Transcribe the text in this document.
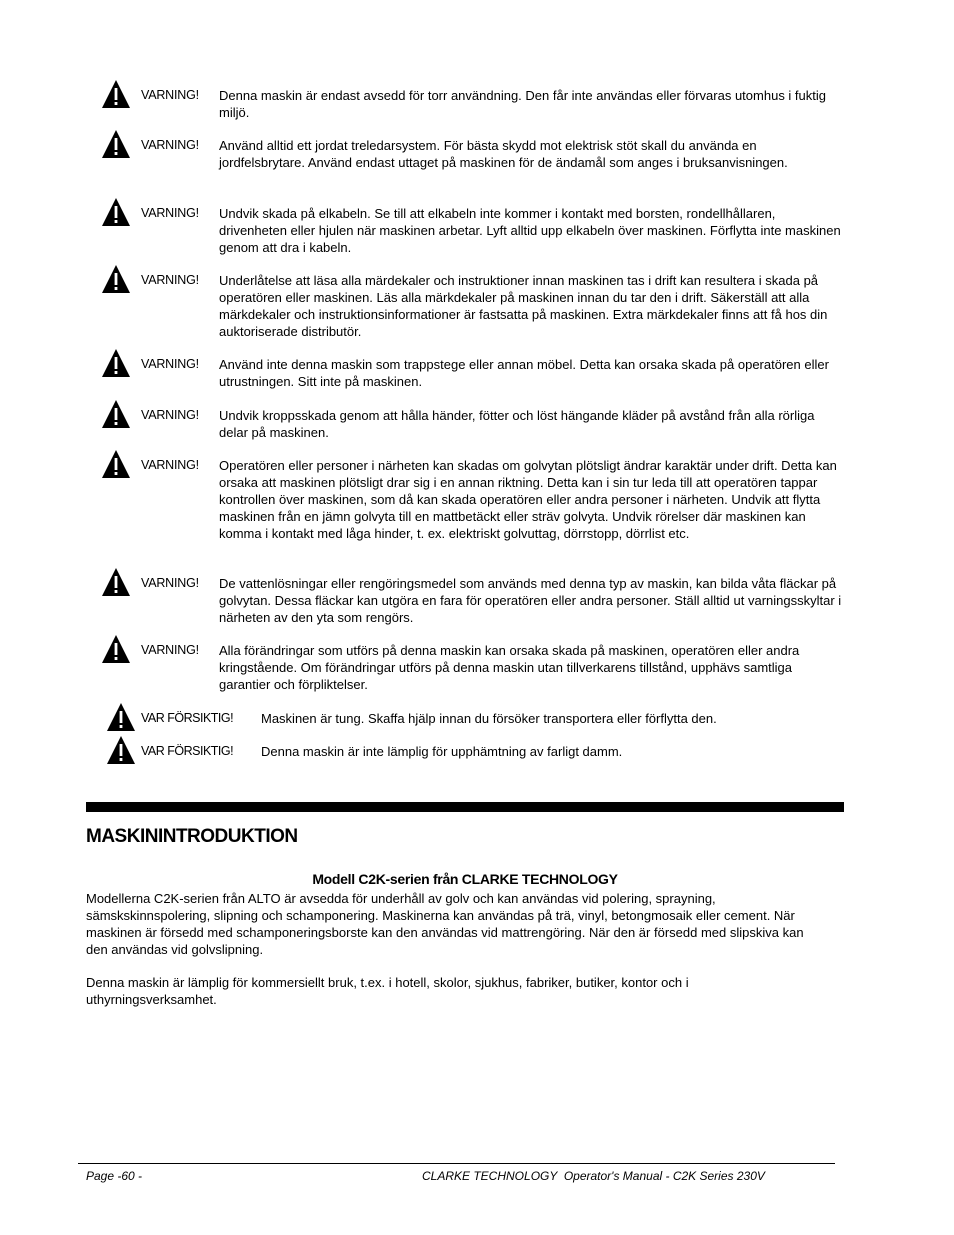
VARNING! Denna maskin är endast avsedd för torr användning. Den får inte användas eller förvaras utomhus i fuktig miljö.
VARNING! Använd alltid ett jordat treledarsystem. För bästa skydd mot elektrisk stöt skall du använda en jordfelsbrytare. Använd endast uttaget på maskinen för de ändamål som anges i bruksanvisningen.
VARNING! Undvik skada på elkabeln. Se till att elkabeln inte kommer i kontakt med borsten, rondellhållaren, drivenheten eller hjulen när maskinen arbetar. Lyft alltid upp elkabeln över maskinen. Förflytta inte maskinen genom att dra i kabeln.
VARNING! Underlåtelse att läsa alla märdekaler och instruktioner innan maskinen tas i drift kan resultera i skada på operatören eller maskinen. Läs alla märkdekaler på maskinen innan du tar den i drift. Säkerställ att alla märkdekaler och instruktionsinformationer är fastsatta på maskinen. Extra märkdekaler finns att få hos din auktoriserade distributör.
VARNING! Använd inte denna maskin som trappstege eller annan möbel. Detta kan orsaka skada på operatören eller utrustningen. Sitt inte på maskinen.
VARNING! Undvik kroppsskada genom att hålla händer, fötter och löst hängande kläder på avstånd från alla rörliga delar på maskinen.
VARNING! Operatören eller personer i närheten kan skadas om golvytan plötsligt ändrar karaktär under drift. Detta kan orsaka att maskinen plötsligt drar sig i en annan riktning. Detta kan i sin tur leda till att operatören tappar kontrollen över maskinen, som då kan skada operatören eller andra personer i närheten. Undvik att flytta maskinen från en jämn golvyta till en mattbetäckt eller sträv golvyta. Undvik rörelser där maskinen kan komma i kontakt med låga hinder, t. ex. elektriskt golvuttag, dörrstopp, dörrlist etc.
VARNING! De vattenlösningar eller rengöringsmedel som används med denna typ av maskin, kan bilda våta fläckar på golvytan. Dessa fläckar kan utgöra en fara för operatören eller andra personer. Ställ alltid ut varningsskyltar i närheten av den yta som rengörs.
VARNING! Alla förändringar som utförs på denna maskin kan orsaka skada på maskinen, operatören eller andra kringstående. Om förändringar utförs på denna maskin utan tillverkarens tillstånd, upphävs samtliga garantier och förpliktelser.
VAR FÖRSIKTIG! Maskinen är tung. Skaffa hjälp innan du försöker transportera eller förflytta den.
VAR FÖRSIKTIG! Denna maskin är inte lämplig för upphämtning av farligt damm.
MASKININTRODUKTION
Modell C2K-serien från CLARKE TECHNOLOGY
Modellerna C2K-serien från ALTO är avsedda för underhåll av golv och kan användas vid polering, sprayning, sämskskinnspolering, slipning och schamponering. Maskinerna kan användas på trä, vinyl, betongmosaik eller cement. När maskinen är försedd med schamponeringsborste kan den användas vid mattrengöring. När den är försedd med slipskiva kan den användas vid golvslipning.
Denna maskin är lämplig för kommersiellt bruk, t.ex. i hotell, skolor, sjukhus, fabriker, butiker, kontor och i uthyrningsverksamhet.
Page -60 -	CLARKE TECHNOLOGY  Operator's Manual - C2K Series 230V
